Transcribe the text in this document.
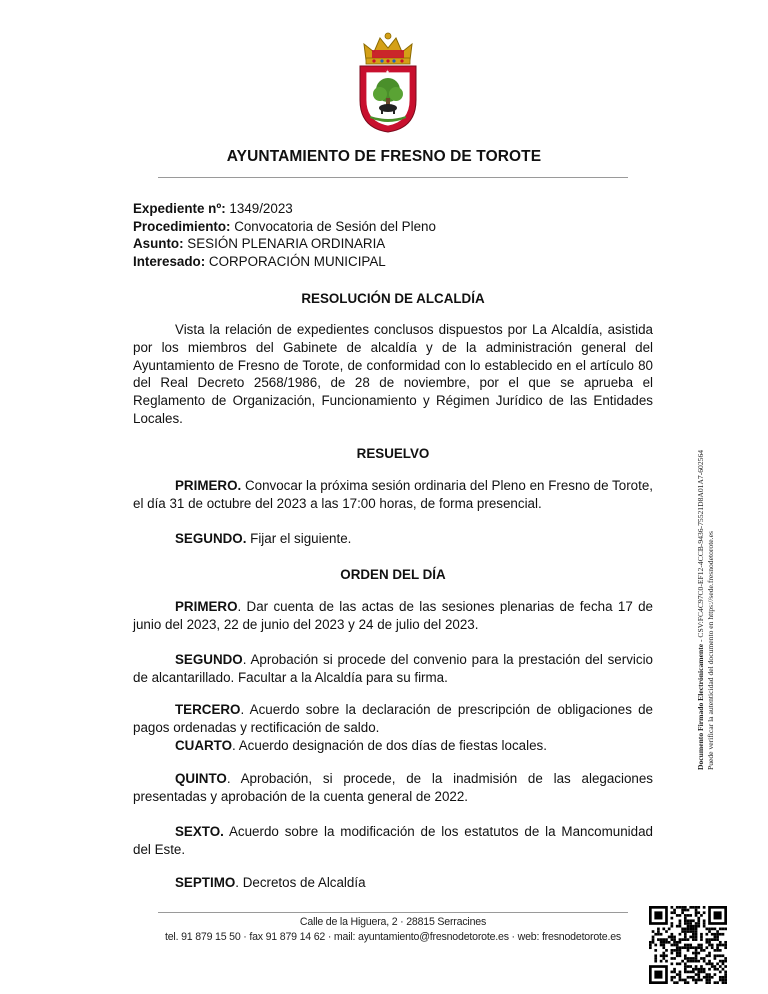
✶	✶
✶	✶
✶
AYUNTAMIENTO DE FRESNO DE TOROTE
Expediente nº: 1349/2023
Procedimiento: Convocatoria de Sesión del Pleno
Asunto: SESIÓN PLENARIA ORDINARIA
Interesado: CORPORACIÓN MUNICIPAL
RESOLUCIÓN DE ALCALDÍA

Vista la relación de expedientes conclusos dispuestos por La Alcaldía, asistida por los miembros del Gabinete de alcaldía y de la administración general del Ayuntamiento de Fresno de Torote, de conformidad con lo establecido en el artículo 80 del Real Decreto 2568/1986, de 28 de noviembre, por el que se aprueba el Reglamento de Organización, Funcionamiento y Régimen Jurídico de las Entidades Locales.

RESUELVO

PRIMERO. Convocar la próxima sesión ordinaria del Pleno en Fresno de Torote, el día 31 de octubre del 2023 a las 17:00 horas, de forma presencial.

SEGUNDO. Fijar el siguiente.

ORDEN DEL DÍA

PRIMERO. Dar cuenta de las actas de las sesiones plenarias de fecha 17 de junio del 2023, 22 de junio del 2023 y 24 de julio del 2023.

SEGUNDO. Aprobación si procede del convenio para la prestación del servicio de alcantarillado. Facultar a la Alcaldía para su firma.

TERCERO. Acuerdo sobre la declaración de prescripción de obligaciones de pagos ordenadas y rectificación de saldo.

CUARTO. Acuerdo designación de dos días de fiestas locales.

QUINTO. Aprobación, si procede, de la inadmisión de las alegaciones presentadas y aprobación de la cuenta general de 2022.

SEXTO. Acuerdo sobre la modificación de los estatutos de la Mancomunidad del Este.

SEPTIMO. Decretos de Alcaldía

Documento Firmado Electrónicamente - CSV:FC4C97C0-EF12-4CCB-9436-75521D8A01A7-602564 Puede verificar la autenticidad del documento en https://sede.fresnodetorote.es
Calle de la Higuera, 2 · 28815 Serracines
tel. 91 879 15 50 · fax 91 879 14 62 · mail: ayuntamiento@fresnodetorote.es · web: fresnodetorote.es
